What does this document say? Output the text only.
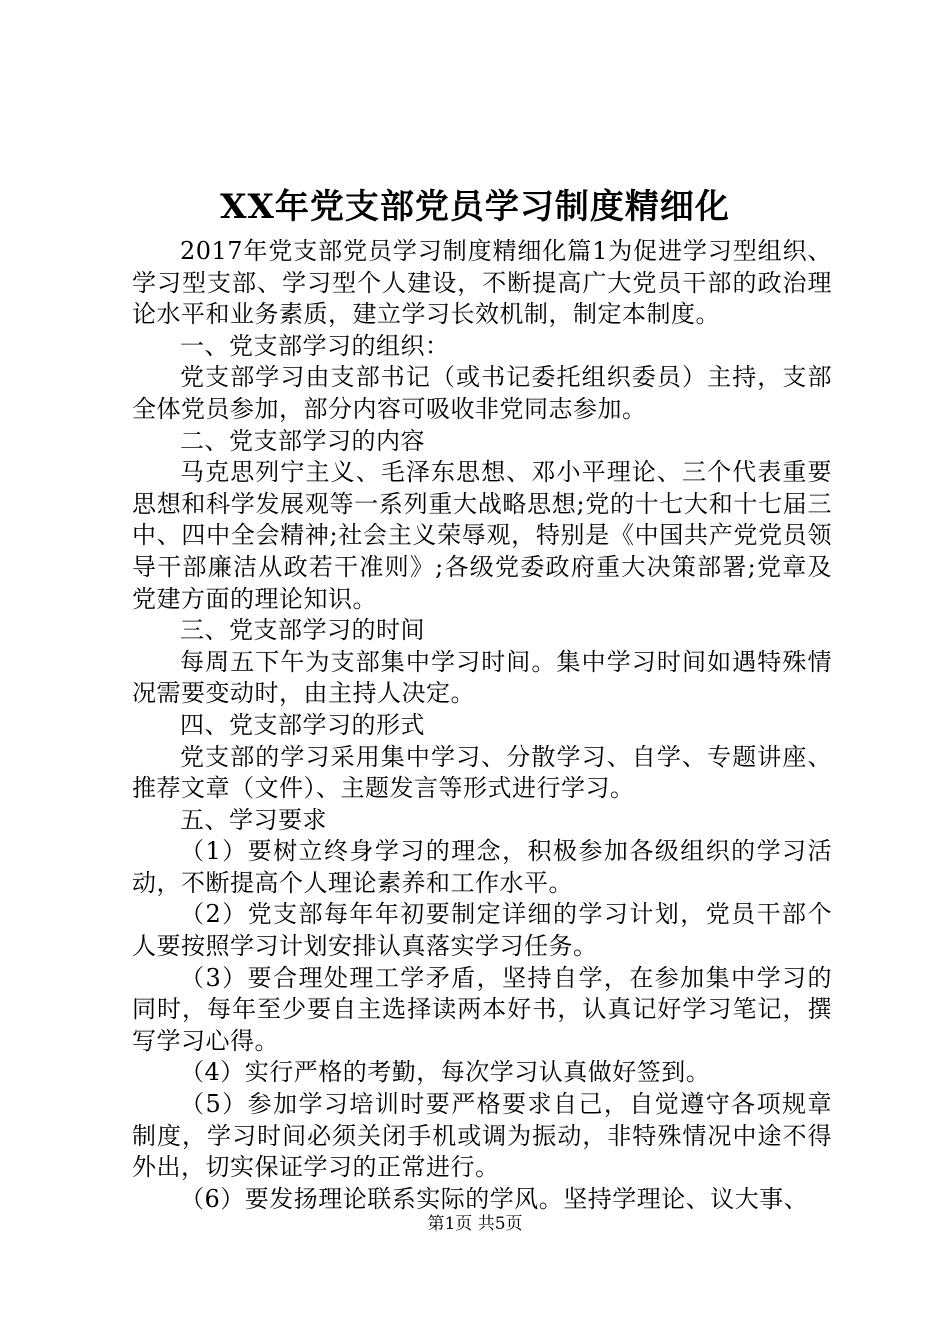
XX年党支部党员学习制度精细化

2017年党支部党员学习制度精细化篇1为促进学习型组织、学习型支部、学习型个人建设，不断提高广大党员干部的政治理论水平和业务素质，建立学习长效机制，制定本制度。

一、党支部学习的组织：

党支部学习由支部书记（或书记委托组织委员）主持，支部全体党员参加，部分内容可吸收非党同志参加。

二、党支部学习的内容

马克思列宁主义、毛泽东思想、邓小平理论、三个代表重要思想和科学发展观等一系列重大战略思想;党的十七大和十七届三中、四中全会精神;社会主义荣辱观，特别是《中国共产党党员领导干部廉洁从政若干准则》;各级党委政府重大决策部署;党章及党建方面的理论知识。

三、党支部学习的时间

每周五下午为支部集中学习时间。集中学习时间如遇特殊情况需要变动时，由主持人决定。

四、党支部学习的形式

党支部的学习采用集中学习、分散学习、自学、专题讲座、推荐文章（文件）、主题发言等形式进行学习。

五、学习要求

（1）要树立终身学习的理念，积极参加各级组织的学习活动，不断提高个人理论素养和工作水平。

（2）党支部每年年初要制定详细的学习计划，党员干部个人要按照学习计划安排认真落实学习任务。

（3）要合理处理工学矛盾，坚持自学，在参加集中学习的同时，每年至少要自主选择读两本好书，认真记好学习笔记，撰写学习心得。

（4）实行严格的考勤，每次学习认真做好签到。

（5）参加学习培训时要严格要求自己，自觉遵守各项规章制度，学习时间必须关闭手机或调为振动，非特殊情况中途不得外出，切实保证学习的正常进行。

（6）要发扬理论联系实际的学风。坚持学理论、议大事、

第1页 共5页
